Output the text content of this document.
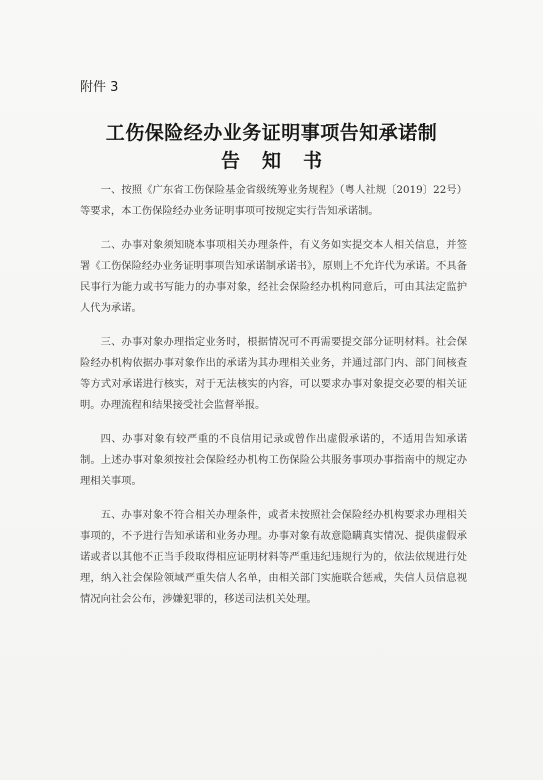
附件 3
工伤保险经办业务证明事项告知承诺制
告知书

一、按照《广东省工伤保险基金省级统筹业务规程》（粤人社规〔2019〕22号）等要求，本工伤保险经办业务证明事项可按规定实行告知承诺制。

二、办事对象须知晓本事项相关办理条件，有义务如实提交本人相关信息，并签署《工伤保险经办业务证明事项告知承诺制承诺书》，原则上不允许代为承诺。不具备民事行为能力或书写能力的办事对象，经社会保险经办机构同意后，可由其法定监护人代为承诺。

三、办事对象办理指定业务时，根据情况可不再需要提交部分证明材料。社会保险经办机构依据办事对象作出的承诺为其办理相关业务，并通过部门内、部门间核查等方式对承诺进行核实，对于无法核实的内容，可以要求办事对象提交必要的相关证明。办理流程和结果接受社会监督举报。

四、办事对象有较严重的不良信用记录或曾作出虚假承诺的，不适用告知承诺制。上述办事对象须按社会保险经办机构工伤保险公共服务事项办事指南中的规定办理相关事项。

五、办事对象不符合相关办理条件，或者未按照社会保险经办机构要求办理相关事项的，不予进行告知承诺和业务办理。办事对象有故意隐瞒真实情况、提供虚假承诺或者以其他不正当手段取得相应证明材料等严重违纪违规行为的，依法依规进行处理，纳入社会保险领域严重失信人名单，由相关部门实施联合惩戒，失信人员信息视情况向社会公布，涉嫌犯罪的，移送司法机关处理。
